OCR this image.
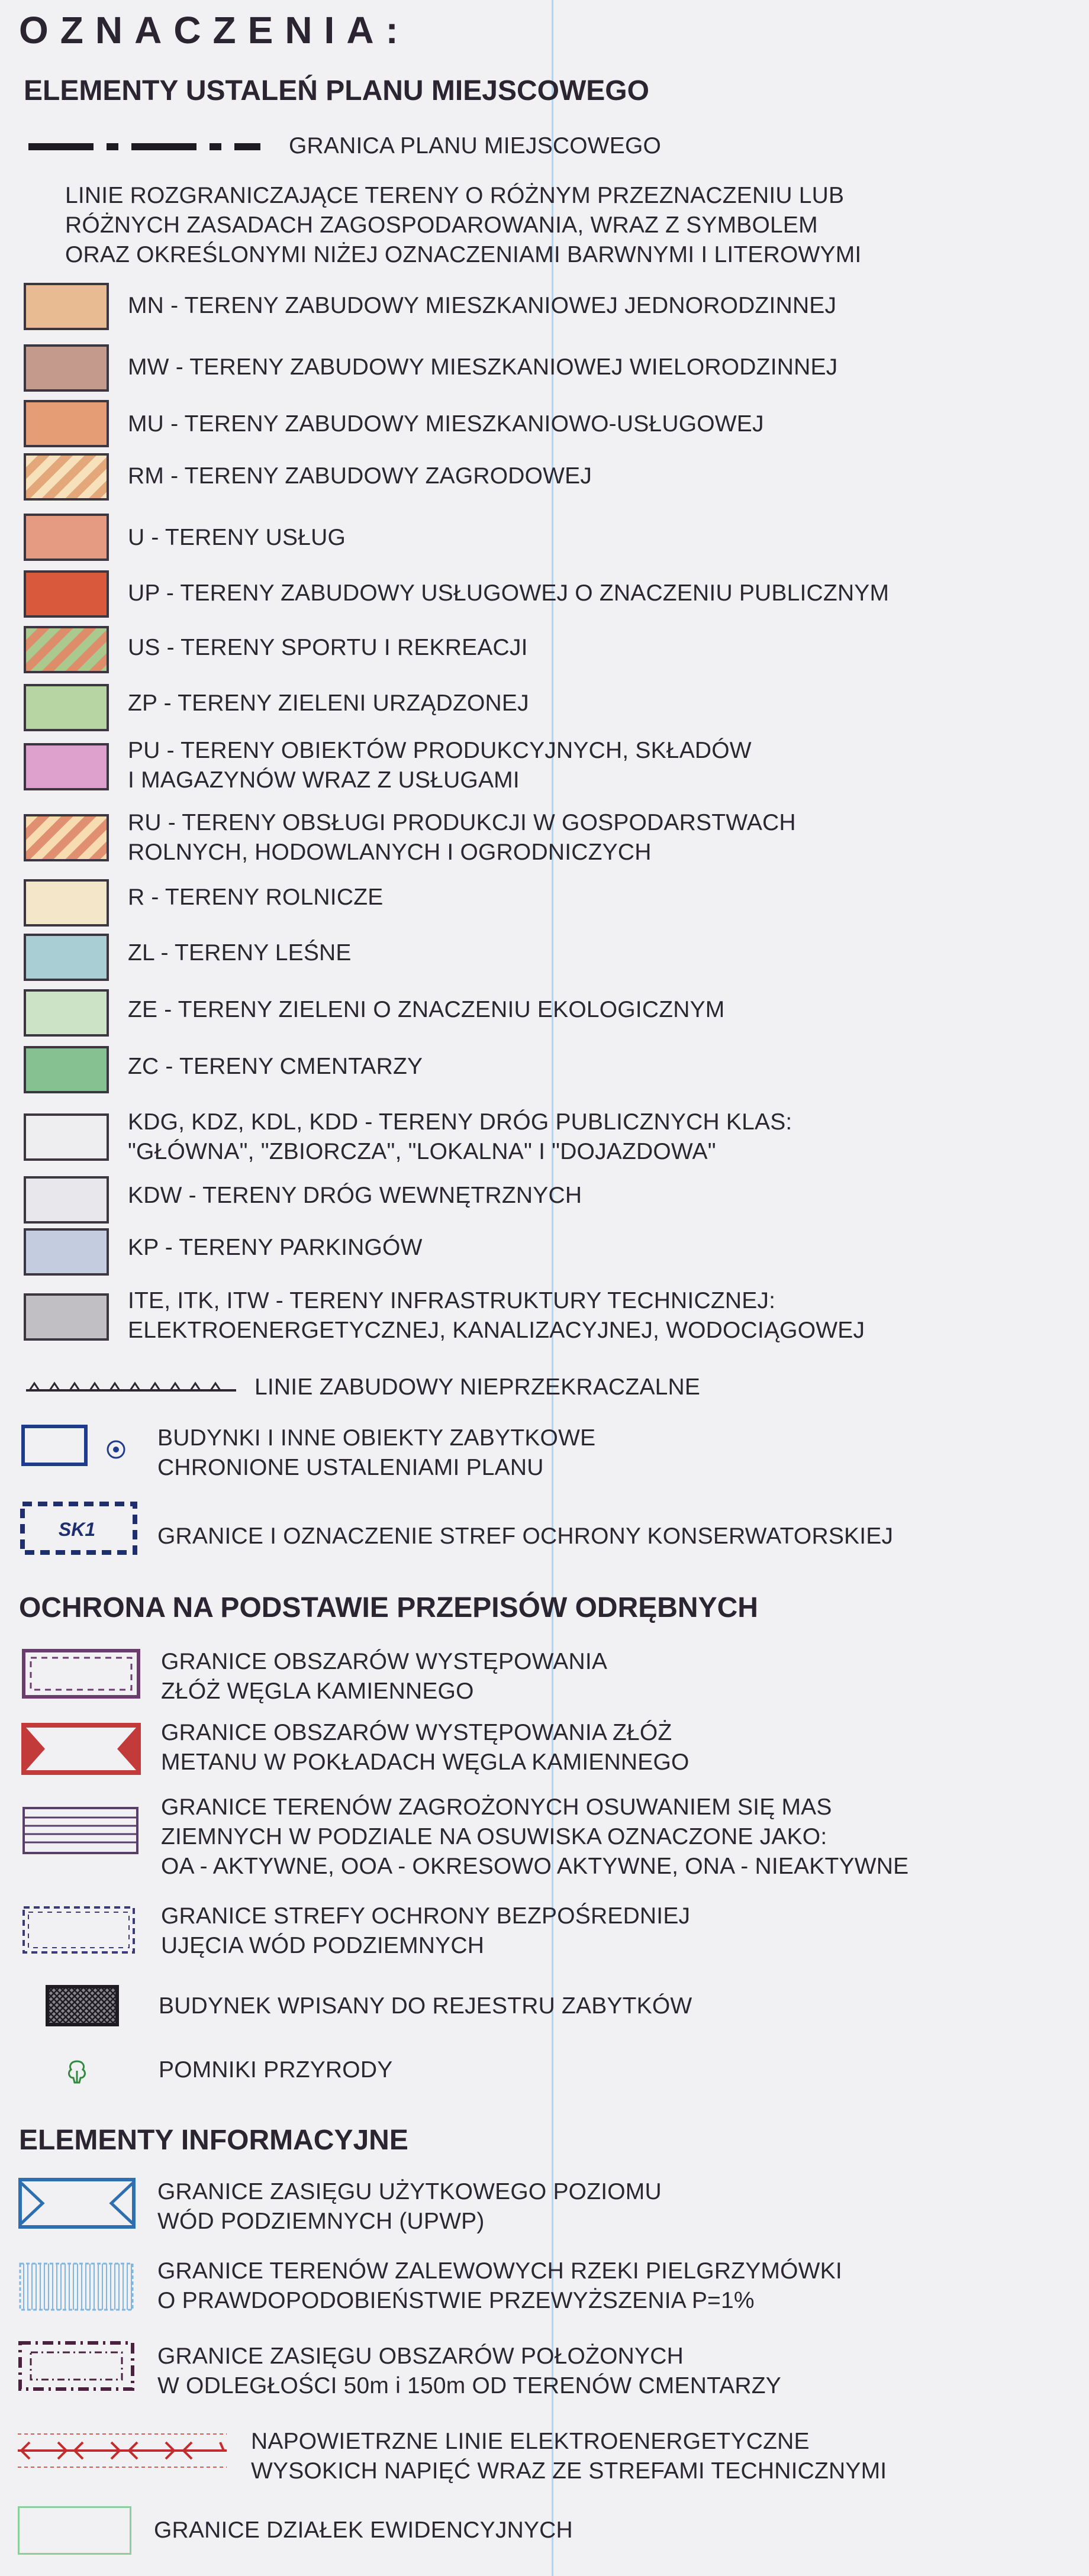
OZNACZENIA:
ELEMENTY USTALEŃ PLANU MIEJSCOWEGO
GRANICA PLANU MIEJSCOWEGO
LINIE ROZGRANICZAJĄCE TERENY O RÓŻNYM PRZEZNACZENIU LUB
RÓŻNYCH ZASADACH ZAGOSPODAROWANIA, WRAZ Z SYMBOLEM
ORAZ OKREŚLONYMI NIŻEJ OZNACZENIAMI BARWNYMI I LITEROWYMI
MN - TERENY ZABUDOWY MIESZKANIOWEJ JEDNORODZINNEJ
MW - TERENY ZABUDOWY MIESZKANIOWEJ WIELORODZINNEJ
MU - TERENY ZABUDOWY MIESZKANIOWO-USŁUGOWEJ
RM - TERENY ZABUDOWY ZAGRODOWEJ
U - TERENY USŁUG
UP - TERENY ZABUDOWY USŁUGOWEJ O ZNACZENIU PUBLICZNYM
US - TERENY SPORTU I REKREACJI
ZP - TERENY ZIELENI URZĄDZONEJ
PU - TERENY OBIEKTÓW PRODUKCYJNYCH, SKŁADÓW
I MAGAZYNÓW WRAZ Z USŁUGAMI
RU - TERENY OBSŁUGI PRODUKCJI W GOSPODARSTWACH
ROLNYCH, HODOWLANYCH I OGRODNICZYCH
R - TERENY ROLNICZE
ZL - TERENY LEŚNE
ZE - TERENY ZIELENI O ZNACZENIU EKOLOGICZNYM
ZC - TERENY CMENTARZY
KDG, KDZ, KDL, KDD - TERENY DRÓG PUBLICZNYCH KLAS:
"GŁÓWNA", "ZBIORCZA", "LOKALNA" I "DOJAZDOWA"
KDW - TERENY DRÓG WEWNĘTRZNYCH
KP - TERENY PARKINGÓW
ITE, ITK, ITW - TERENY INFRASTRUKTURY TECHNICZNEJ:
ELEKTROENERGETYCZNEJ, KANALIZACYJNEJ, WODOCIĄGOWEJ
LINIE ZABUDOWY NIEPRZEKRACZALNE
BUDYNKI I INNE OBIEKTY ZABYTKOWE
CHRONIONE USTALENIAMI PLANU
SK1	GRANICE I OZNACZENIE STREF OCHRONY KONSERWATORSKIEJ
OCHRONA NA PODSTAWIE PRZEPISÓW ODRĘBNYCH
GRANICE OBSZARÓW WYSTĘPOWANIA
ZŁÓŻ WĘGLA KAMIENNEGO
GRANICE OBSZARÓW WYSTĘPOWANIA ZŁÓŻ
METANU W POKŁADACH WĘGLA KAMIENNEGO
GRANICE TERENÓW ZAGROŻONYCH OSUWANIEM SIĘ MAS
ZIEMNYCH W PODZIALE NA OSUWISKA OZNACZONE JAKO:
OA - AKTYWNE, OOA - OKRESOWO AKTYWNE, ONA - NIEAKTYWNE
GRANICE STREFY OCHRONY BEZPOŚREDNIEJ
UJĘCIA WÓD PODZIEMNYCH
BUDYNEK WPISANY DO REJESTRU ZABYTKÓW
POMNIKI PRZYRODY
ELEMENTY INFORMACYJNE
GRANICE ZASIĘGU UŻYTKOWEGO POZIOMU
WÓD PODZIEMNYCH (UPWP)
GRANICE TERENÓW ZALEWOWYCH RZEKI PIELGRZYMÓWKI
O PRAWDOPODOBIEŃSTWIE PRZEWYŻSZENIA P=1%
GRANICE ZASIĘGU OBSZARÓW POŁOŻONYCH
W ODLEGŁOŚCI 50m i 150m OD TERENÓW CMENTARZY
NAPOWIETRZNE LINIE ELEKTROENERGETYCZNE
WYSOKICH NAPIĘĆ WRAZ ZE STREFAMI TECHNICZNYMI
GRANICE DZIAŁEK EWIDENCYJNYCH
